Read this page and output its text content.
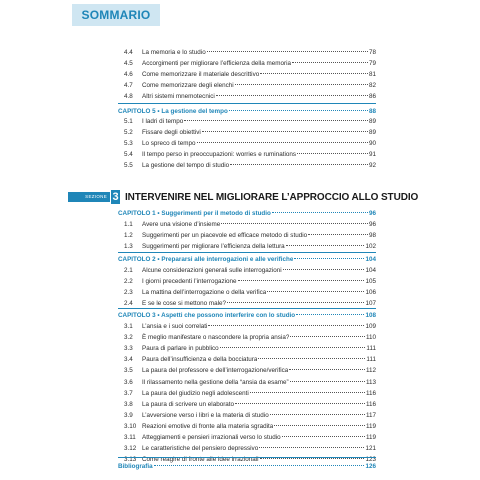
SOMMARIO
4.4	La memoria e lo studio	78
4.5	Accorgimenti per migliorare l’efficienza della memoria	79
4.6	Come memorizzare il materiale descrittivo	81
4.7	Come memorizzare degli elenchi	82
4.8	Altri sistemi mnemotecnici	86
CAPITOLO 5 • La gestione del tempo	88
5.1	I ladri di tempo	89
5.2	Fissare degli obiettivi	89
5.3	Lo spreco di tempo	90
5.4	Il tempo perso in preoccupazioni: worries e ruminations	91
5.5	La gestione del tempo di studio	92
CAPITOLO 1 • Suggerimenti per il metodo di studio	96
1.1	Avere una visione d’insieme	96
1.2	Suggerimenti per un piacevole ed efficace metodo di studio	98
1.3	Suggerimenti per migliorare l’efficienza della lettura	102
CAPITOLO 2 • Prepararsi alle interrogazioni e alle verifiche	104
2.1	Alcune considerazioni generali sulle interrogazioni	104
2.2	I giorni precedenti l’interrogazione	105
2.3	La mattina dell’interrogazione o della verifica	106
2.4	E se le cose si mettono male?	107
CAPITOLO 3 • Aspetti che possono interferire con lo studio	108
3.1	L’ansia e i suoi correlati	109
3.2	È meglio manifestare o nascondere la propria ansia?	110
3.3	Paura di parlare in pubblico	111
3.4	Paura dell’insufficienza e della bocciatura	111
3.5	La paura del professore e dell’interrogazione/verifica	112
3.6	Il rilassamento nella gestione della “ansia da esame”	113
3.7	La paura del giudizio negli adolescenti	116
3.8	La paura di scrivere un elaborato	116
3.9	L’avversione verso i libri e la materia di studio	117
3.10 Reazioni emotive di fronte alla materia sgradita	119
3.11 Atteggiamenti e pensieri irrazionali verso lo studio	119
3.12 Le caratteristiche del pensiero depressivo	121
3.13 Come reagire di fronte alle idee irrazionali	123
Bibliografia	126
SEZIONE 3 INTERVENIRE NEL MIGLIORARE L’APPROCCIO ALLO STUDIO
